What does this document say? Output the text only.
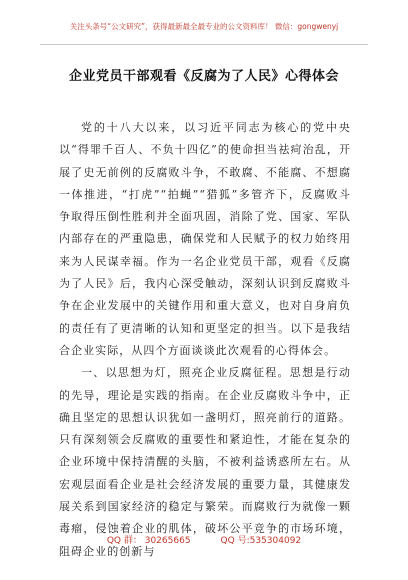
关注头条号“公文研究”，获得最新最全最专业的公文资料库！ 微信：gongwenyj
企业党员干部观看《反腐为了人民》心得体会

党的十八大以来，以习近平同志为核心的党中央以“得罪千百人、不负十四亿”的使命担当祛疴治乱，开展了史无前例的反腐败斗争，不敢腐、不能腐、不想腐一体推进，“打虎”“拍蝇”“猎狐”多管齐下，反腐败斗争取得压倒性胜利并全面巩固，消除了党、国家、军队内部存在的严重隐患，确保党和人民赋予的权力始终用来为人民谋幸福。作为一名企业党员干部，观看《反腐为了人民》后，我内心深受触动，深刻认识到反腐败斗争在企业发展中的关键作用和重大意义，也对自身肩负的责任有了更清晰的认知和更坚定的担当。以下是我结合企业实际，从四个方面谈谈此次观看的心得体会。

一、以思想为灯，照亮企业反腐征程。思想是行动的先导，理论是实践的指南。在企业反腐败斗争中，正确且坚定的思想认识犹如一盏明灯，照亮前行的道路。只有深刻领会反腐败的重要性和紧迫性，才能在复杂的企业环境中保持清醒的头脑，不被利益诱惑所左右。从宏观层面看企业是社会经济发展的重要力量，其健康发展关系到国家经济的稳定与繁荣。而腐败行为就像一颗毒瘤，侵蚀着企业的肌体，破坏公平竞争的市场环境，阻碍企业的创新与

QQ 群： 30265665	QQ 号:535304092
